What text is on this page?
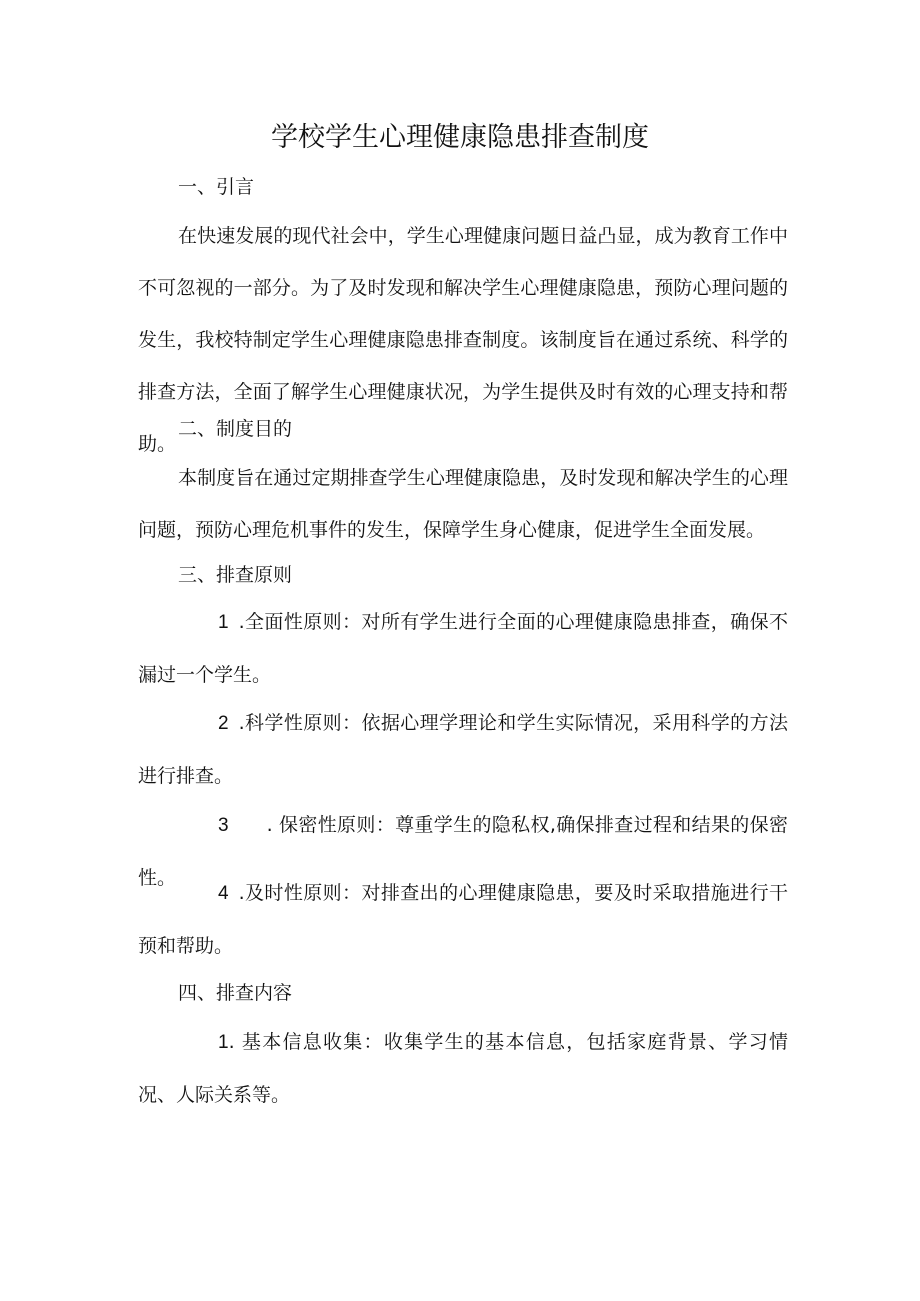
学校学生心理健康隐患排查制度
一、引言

在快速发展的现代社会中，学生心理健康问题日益凸显，成为教育工作中不可忽视的一部分。为了及时发现和解决学生心理健康隐患，预防心理问题的发生，我校特制定学生心理健康隐患排查制度。该制度旨在通过系统、科学的排查方法，全面了解学生心理健康状况，为学生提供及时有效的心理支持和帮助。

二、制度目的

本制度旨在通过定期排查学生心理健康隐患，及时发现和解决学生的心理问题，预防心理危机事件的发生，保障学生身心健康，促进学生全面发展。

三、排查原则

1 .全面性原则：对所有学生进行全面的心理健康隐患排查，确保不漏过一个学生。

2 .科学性原则：依据心理学理论和学生实际情况，采用科学的方法进行排查。

3 . 保密性原则：尊重学生的隐私权,确保排查过程和结果的保密性。

4 .及时性原则：对排查出的心理健康隐患，要及时采取措施进行干预和帮助。

四、排查内容

1. 基本信息收集：收集学生的基本信息，包括家庭背景、学习情况、人际关系等。
